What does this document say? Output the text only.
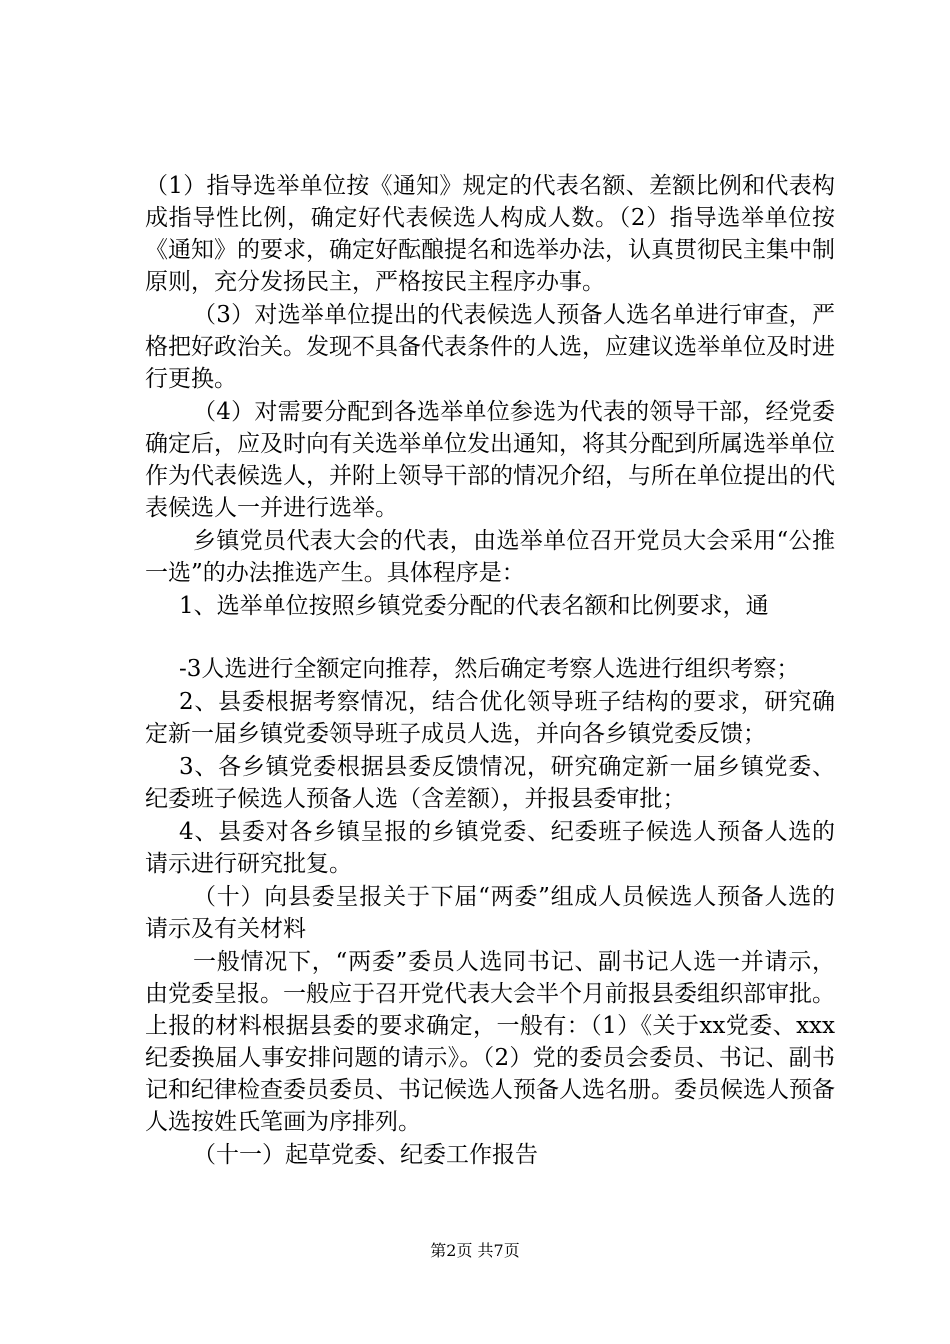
（1）指导选举单位按《通知》规定的代表名额、差额比例和代表构成指导性比例，确定好代表候选人构成人数。（2）指导选举单位按《通知》的要求，确定好酝酿提名和选举办法，认真贯彻民主集中制原则，充分发扬民主，严格按民主程序办事。

（3）对选举单位提出的代表候选人预备人选名单进行审查，严格把好政治关。发现不具备代表条件的人选，应建议选举单位及时进行更换。

（4）对需要分配到各选举单位参选为代表的领导干部，经党委确定后，应及时向有关选举单位发出通知，将其分配到所属选举单位作为代表候选人，并附上领导干部的情况介绍，与所在单位提出的代表候选人一并进行选举。

乡镇党员代表大会的代表，由选举单位召开党员大会采用“公推一选”的办法推选产生。具体程序是：

1、选举单位按照乡镇党委分配的代表名额和比例要求，通

-3人选进行全额定向推荐，然后确定考察人选进行组织考察；

2、县委根据考察情况，结合优化领导班子结构的要求，研究确定新一届乡镇党委领导班子成员人选，并向各乡镇党委反馈；

3、各乡镇党委根据县委反馈情况，研究确定新一届乡镇党委、纪委班子候选人预备人选（含差额），并报县委审批；

4、县委对各乡镇呈报的乡镇党委、纪委班子候选人预备人选的请示进行研究批复。

（十）向县委呈报关于下届“两委”组成人员候选人预备人选的请示及有关材料

一般情况下，“两委”委员人选同书记、副书记人选一并请示，由党委呈报。一般应于召开党代表大会半个月前报县委组织部审批。上报的材料根据县委的要求确定，一般有：（1）《关于xx党委、xxx纪委换届人事安排问题的请示》。（2）党的委员会委员、书记、副书记和纪律检查委员委员、书记候选人预备人选名册。委员候选人预备人选按姓氏笔画为序排列。

（十一）起草党委、纪委工作报告

第2页 共7页
